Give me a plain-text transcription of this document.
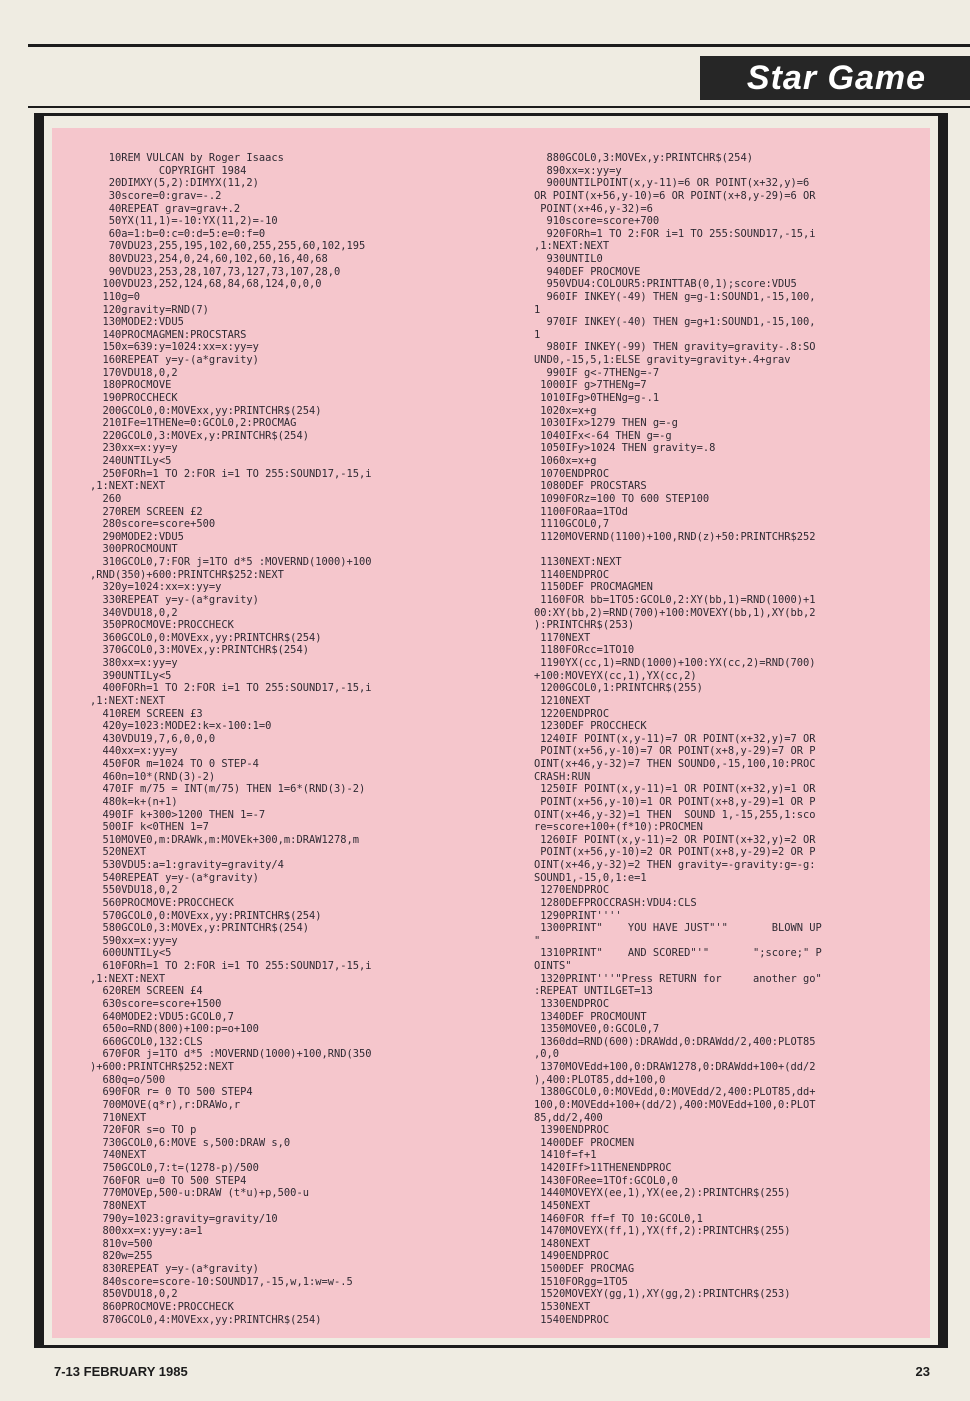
Star Game
10REM VULCAN by Roger Isaacs
COPYRIGHT 1984
20DIMXY(5,2):DIMYX(11,2)
30score=0:grav=-.2
40REPEAT grav=grav+.2
50YX(11,1)=-10:YX(11,2)=-10
60a=1:b=0:c=0:d=5:e=0:f=0
70VDU23,255,195,102,60,255,255,60,102,195
80VDU23,254,0,24,60,102,60,16,40,68
90VDU23,253,28,107,73,127,73,107,28,0
100VDU23,252,124,68,84,68,124,0,0,0
110g=0
120gravity=RND(7)
130MODE2:VDU5
140PROCMAGMEN:PROCSTARS
150x=639:y=1024:xx=x:yy=y
160REPEAT y=y-(a*gravity)
170VDU18,0,2
180PROCMOVE
190PROCCHECK
200GCOL0,0:MOVExx,yy:PRINTCHR$(254)
210IFe=1THENe=0:GCOL0,2:PROCMAG
220GCOL0,3:MOVEx,y:PRINTCHR$(254)
230xx=x:yy=y
240UNTILy<5
250FORh=1 TO 2:FOR i=1 TO 255:SOUND17,-15,i
,1:NEXT:NEXT
260
270REM SCREEN £2
280score=score+500
290MODE2:VDU5
300PROCMOUNT
310GCOL0,7:FOR j=1TO d*5 :MOVERND(1000)+100
,RND(350)+600:PRINTCHR$252:NEXT
320y=1024:xx=x:yy=y
330REPEAT y=y-(a*gravity)
340VDU18,0,2
350PROCMOVE:PROCCHECK
360GCOL0,0:MOVExx,yy:PRINTCHR$(254)
370GCOL0,3:MOVEx,y:PRINTCHR$(254)
380xx=x:yy=y
390UNTILy<5
400FORh=1 TO 2:FOR i=1 TO 255:SOUND17,-15,i
,1:NEXT:NEXT
410REM SCREEN £3
420y=1023:MODE2:k=x-100:1=0
430VDU19,7,6,0,0,0
440xx=x:yy=y
450FOR m=1024 TO 0 STEP-4
460n=10*(RND(3)-2)
470IF m/75 = INT(m/75) THEN 1=6*(RND(3)-2)
480k=k+(n+1)
490IF k+300>1200 THEN 1=-7
500IF k<0THEN 1=7
510MOVE0,m:DRAWk,m:MOVEk+300,m:DRAW1278,m
520NEXT
530VDU5:a=1:gravity=gravity/4
540REPEAT y=y-(a*gravity)
550VDU18,0,2
560PROCMOVE:PROCCHECK
570GCOL0,0:MOVExx,yy:PRINTCHR$(254)
580GCOL0,3:MOVEx,y:PRINTCHR$(254)
590xx=x:yy=y
600UNTILy<5
610FORh=1 TO 2:FOR i=1 TO 255:SOUND17,-15,i
,1:NEXT:NEXT
620REM SCREEN £4
630score=score+1500
640MODE2:VDU5:GCOL0,7
650o=RND(800)+100:p=o+100
660GCOL0,132:CLS
670FOR j=1TO d*5 :MOVERND(1000)+100,RND(350
)+600:PRINTCHR$252:NEXT
680q=o/500
690FOR r= 0 TO 500 STEP4
700MOVE(q*r),r:DRAWo,r
710NEXT
720FOR s=o TO p
730GCOL0,6:MOVE s,500:DRAW s,0
740NEXT
750GCOL0,7:t=(1278-p)/500
760FOR u=0 TO 500 STEP4
770MOVEp,500-u:DRAW (t*u)+p,500-u
780NEXT
790y=1023:gravity=gravity/10
800xx=x:yy=y:a=1
810v=500
820w=255
830REPEAT y=y-(a*gravity)
840score=score-10:SOUND17,-15,w,1:w=w-.5
850VDU18,0,2
860PROCMOVE:PROCCHECK
870GCOL0,4:MOVExx,yy:PRINTCHR$(254)
880GCOL0,3:MOVEx,y:PRINTCHR$(254)
890xx=x:yy=y
900UNTILPOINT(x,y-11)=6 OR POINT(x+32,y)=6
OR POINT(x+56,y-10)=6 OR POINT(x+8,y-29)=6 OR
POINT(x+46,y-32)=6
910score=score+700
920FORh=1 TO 2:FOR i=1 TO 255:SOUND17,-15,i
,1:NEXT:NEXT
930UNTIL0
940DEF PROCMOVE
950VDU4:COLOUR5:PRINTTAB(0,1);score:VDU5
960IF INKEY(-49) THEN g=g-1:SOUND1,-15,100,
1
970IF INKEY(-40) THEN g=g+1:SOUND1,-15,100,
1
980IF INKEY(-99) THEN gravity=gravity-.8:SO
UND0,-15,5,1:ELSE gravity=gravity+.4+grav
990IF g<-7THENg=-7
1000IF g>7THENg=7
1010IFg>0THENg=g-.1
1020x=x+g
1030IFx>1279 THEN g=-g
1040IFx<-64 THEN g=-g
1050IFy>1024 THEN gravity=.8
1060x=x+g
1070ENDPROC
1080DEF PROCSTARS
1090FORz=100 TO 600 STEP100
1100FORaa=1TOd
1110GCOL0,7
1120MOVERND(1100)+100,RND(z)+50:PRINTCHR$252

1130NEXT:NEXT
1140ENDPROC
1150DEF PROCMAGMEN
1160FOR bb=1TO5:GCOL0,2:XY(bb,1)=RND(1000)+1
00:XY(bb,2)=RND(700)+100:MOVEXY(bb,1),XY(bb,2
):PRINTCHR$(253)
1170NEXT
1180FORcc=1TO10
1190YX(cc,1)=RND(1000)+100:YX(cc,2)=RND(700)
+100:MOVEYX(cc,1),YX(cc,2)
1200GCOL0,1:PRINTCHR$(255)
1210NEXT
1220ENDPROC
1230DEF PROCCHECK
1240IF POINT(x,y-11)=7 OR POINT(x+32,y)=7 OR
POINT(x+56,y-10)=7 OR POINT(x+8,y-29)=7 OR P
OINT(x+46,y-32)=7 THEN SOUND0,-15,100,10:PROC
CRASH:RUN
1250IF POINT(x,y-11)=1 OR POINT(x+32,y)=1 OR
POINT(x+56,y-10)=1 OR POINT(x+8,y-29)=1 OR P
OINT(x+46,y-32)=1 THEN  SOUND 1,-15,255,1:sco
re=score+100+(f*10):PROCMEN
1260IF POINT(x,y-11)=2 OR POINT(x+32,y)=2 OR
POINT(x+56,y-10)=2 OR POINT(x+8,y-29)=2 OR P
OINT(x+46,y-32)=2 THEN gravity=-gravity:g=-g:
SOUND1,-15,0,1:e=1
1270ENDPROC
1280DEFPROCCRASH:VDU4:CLS
1290PRINT''''
1300PRINT"    YOU HAVE JUST"'"       BLOWN UP
"
1310PRINT"    AND SCORED"'"       ";score;" P
OINTS"
1320PRINT'''"Press RETURN for     another go"
:REPEAT UNTILGET=13
1330ENDPROC
1340DEF PROCMOUNT
1350MOVE0,0:GCOL0,7
1360dd=RND(600):DRAWdd,0:DRAWdd/2,400:PLOT85
,0,0
1370MOVEdd+100,0:DRAW1278,0:DRAWdd+100+(dd/2
),400:PLOT85,dd+100,0
1380GCOL0,0:MOVEdd,0:MOVEdd/2,400:PLOT85,dd+
100,0:MOVEdd+100+(dd/2),400:MOVEdd+100,0:PLOT
85,dd/2,400
1390ENDPROC
1400DEF PROCMEN
1410f=f+1
1420IFf>11THENENDPROC
1430FORee=1TOf:GCOL0,0
1440MOVEYX(ee,1),YX(ee,2):PRINTCHR$(255)
1450NEXT
1460FOR ff=f TO 10:GCOL0,1
1470MOVEYX(ff,1),YX(ff,2):PRINTCHR$(255)
1480NEXT
1490ENDPROC
1500DEF PROCMAG
1510FORgg=1TO5
1520MOVEXY(gg,1),XY(gg,2):PRINTCHR$(253)
1530NEXT
1540ENDPROC
7-13 FEBRUARY 1985	23
